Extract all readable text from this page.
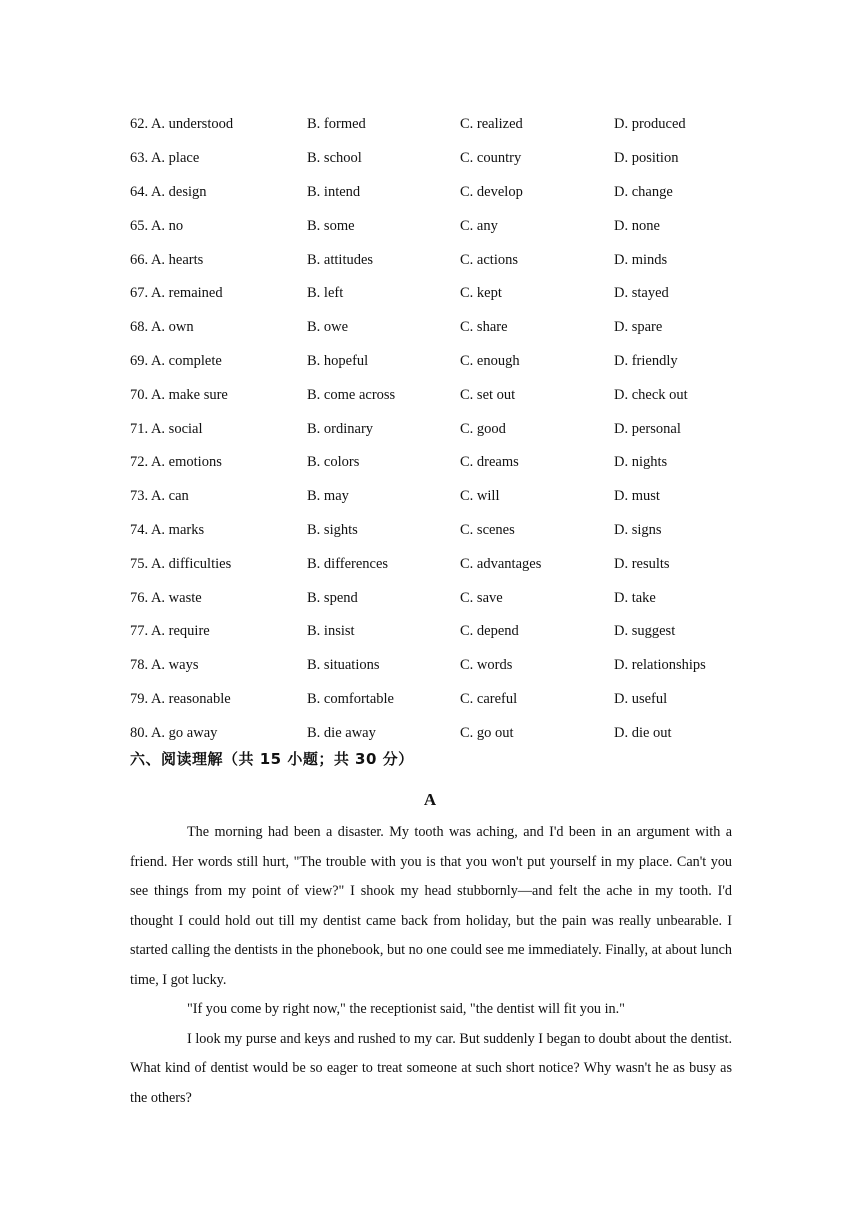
62. A. understood	B. formed	C. realized	D. produced
63. A. place	B. school	C. country	D. position
64. A. design	B. intend	C. develop	D. change
65. A. no	B. some	C. any	D. none
66. A. hearts	B. attitudes	C. actions	D. minds
67. A. remained	B. left	C. kept	D. stayed
68. A. own	B. owe	C. share	D. spare
69. A. complete	B. hopeful	C. enough	D. friendly
70. A. make sure	B. come across	C. set out	D. check out
71. A. social	B. ordinary	C. good	D. personal
72. A. emotions	B. colors	C. dreams	D. nights
73. A. can	B. may	C. will	D. must
74. A. marks	B. sights	C. scenes	D. signs
75. A. difficulties	B. differences	C. advantages	D. results
76. A. waste	B. spend	C. save	D. take
77. A. require	B. insist	C. depend	D. suggest
78. A. ways	B. situations	C. words	D. relationships
79. A. reasonable	B. comfortable	C. careful	D. useful
80. A. go away	B. die away	C. go out	D. die out
六、阅读理解（共 15 小题；共 30 分）
A

The morning had been a disaster. My tooth was aching, and I'd been in an argument with a friend. Her words still hurt, "The trouble with you is that you won't put yourself in my place. Can't you see things from my point of view?" I shook my head stubbornly—and felt the ache in my tooth. I'd thought I could hold out till my dentist came back from holiday, but the pain was really unbearable. I started calling the dentists in the phonebook, but no one could see me immediately. Finally, at about lunch time, I got lucky.

"If you come by right now," the receptionist said, "the dentist will fit you in."

I look my purse and keys and rushed to my car. But suddenly I began to doubt about the dentist. What kind of dentist would be so eager to treat someone at such short notice? Why wasn't he as busy as the others?
